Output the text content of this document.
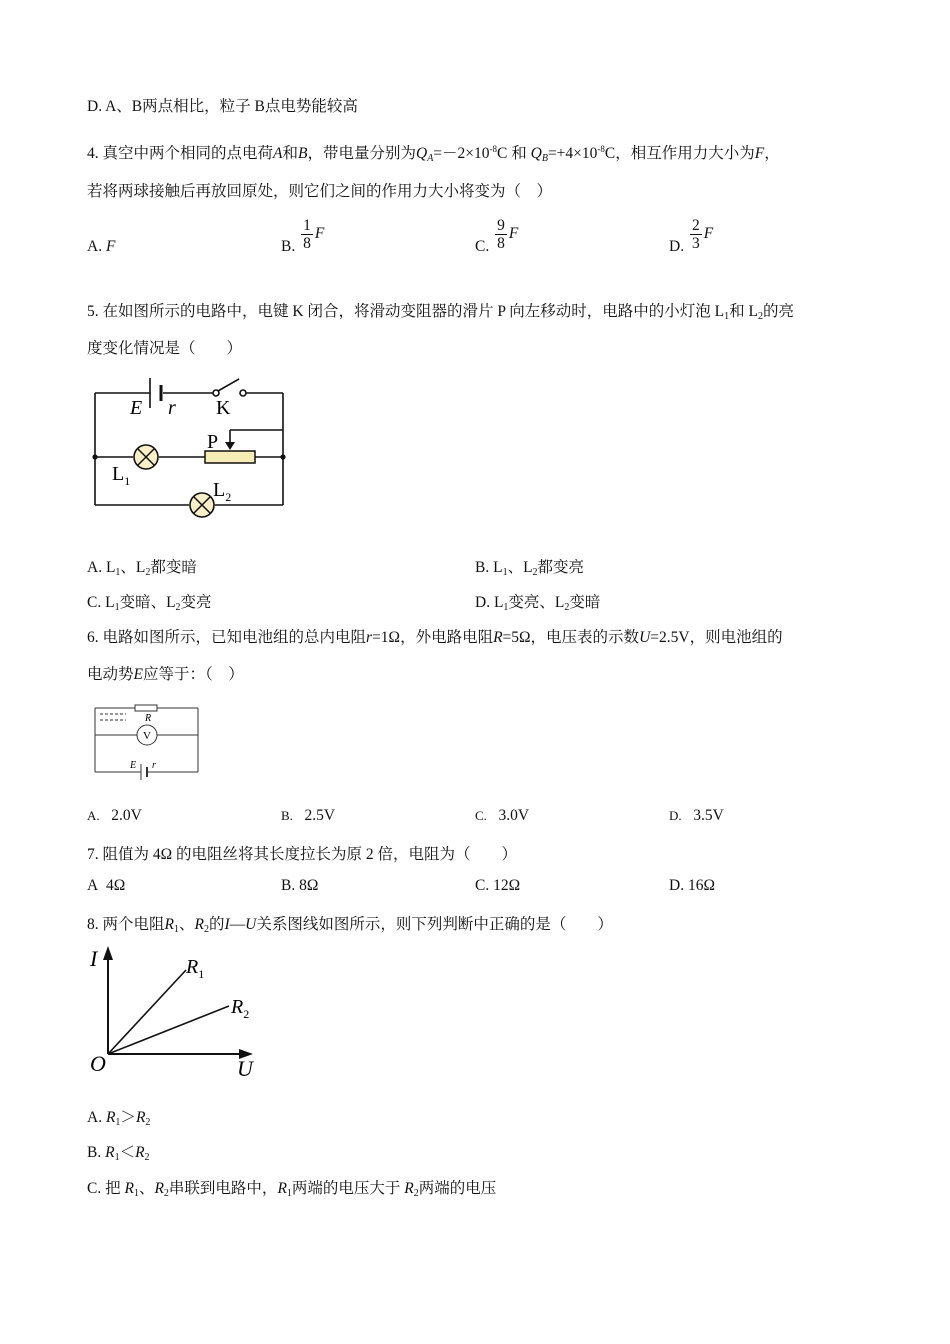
D. A、B两点相比，粒子 B点电势能较高
4. 真空中两个相同的点电荷A和B，带电量分别为$Q_A=-2\times 10^{-8}C$ 和 $Q_B=+4\times 10^{-8}C$，相互作用力大小为F，
若将两球接触后再放回原处，则它们之间的作用力大小将变为（　）
A. F	B. $\frac{1}{8}$ F
C. $\frac{9}{8}$ F
D. $\frac{2}{3}$ F
5. 在如图所示的电路中，电键 K 闭合，将滑动变阻器的滑片 P 向左移动时，电路中的小灯泡 $L_1$和 $L_2$的亮
度变化情况是（　　）
E r K
P
$L_1$	$L_2$
A. $L_1$、$L_2$都变暗	B. $L_1$、$L_2$都变亮
C. $L_1$变暗、$L_2$变亮	D. $L_1$变亮、$L_2$变暗
6. 电路如图所示，已知电池组的总内电阻r=1Ω，外电路电阻R=5Ω，电压表的示数U=2.5V，则电池组的
电动势E应等于：（　）
V
R
E r
A. 2.0V	B. 2.5V	C. 3.0V	D. 3.5V
7. 阻值为 4Ω 的电阻丝将其长度拉长为原 2 倍，电阻为（　　）
A 4Ω	B. 8Ω	C. 12Ω	D. 16Ω
8. 两个电阻$R_1$、$R_2$的I—U关系图线如图所示，则下列判断中正确的是（　　）
I
U
O
$R_1$
$R_2$
A. $R_1>R_2$
B. $R_1<R_2$
C. 把 $R_1$、$R_2$串联到电路中，$R_1$两端的电压大于 $R_2$两端的电压
